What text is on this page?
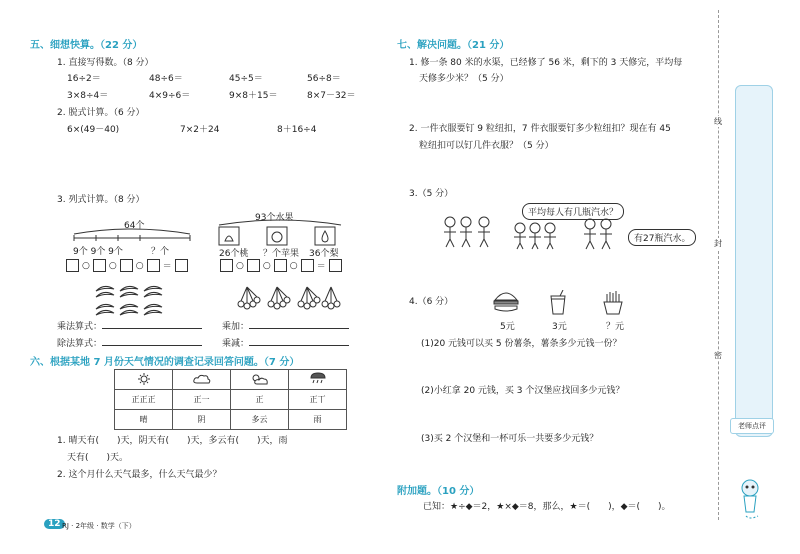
五、细想快算。（22 分）
1. 直接写得数。（8 分）
16÷2＝	48÷6＝	45÷5＝	56÷8＝
3×8÷4＝	4×9÷6＝	9×8＋15＝	8×7－32＝
2. 脱式计算。（6 分）
6×(49－40)	7×2＋24	8＋16÷4
3. 列式计算。（8 分）
64个
9个 9个 9个	？个
○ ○ ○ ＝
93个水果
26个桃 ？个苹果 36个梨
○ ○ ○ ＝
乘法算式：
除法算式：
乘加：
乘减：
六、根据某地 7 月份天气情况的调查记录回答问题。（7 分）

正正正	正一	正	正丅
晴	阴	多云	雨
1. 晴天有(　　)天，阴天有(　　)天，多云有(　　)天，雨
天有(　　)天。
2. 这个月什么天气最多，什么天气最少？
12 RJ · 2年级 · 数学（下）
七、解决问题。（21 分）
1. 修一条 80 米的水渠，已经修了 56 米，剩下的 3 天修完，平均每
天修多少米？（5 分）
2. 一件衣服要钉 9 粒纽扣，7 件衣服要钉多少粒纽扣？现在有 45
粒纽扣可以钉几件衣服？（5 分）
3.（5 分）
平均每人有几瓶汽水？
有27瓶汽水。
4.（6 分）
5元	3元	？元
(1)20 元钱可以买 5 份薯条，薯条多少元钱一份？
(2)小红拿 20 元钱，买 3 个汉堡应找回多少元钱？
(3)买 2 个汉堡和一杯可乐一共要多少元钱？
附加题。（10 分）
已知：★÷◆＝2，★×◆＝8，那么，★＝(　　)，◆＝(　　)。
线
封
密
老师点评
